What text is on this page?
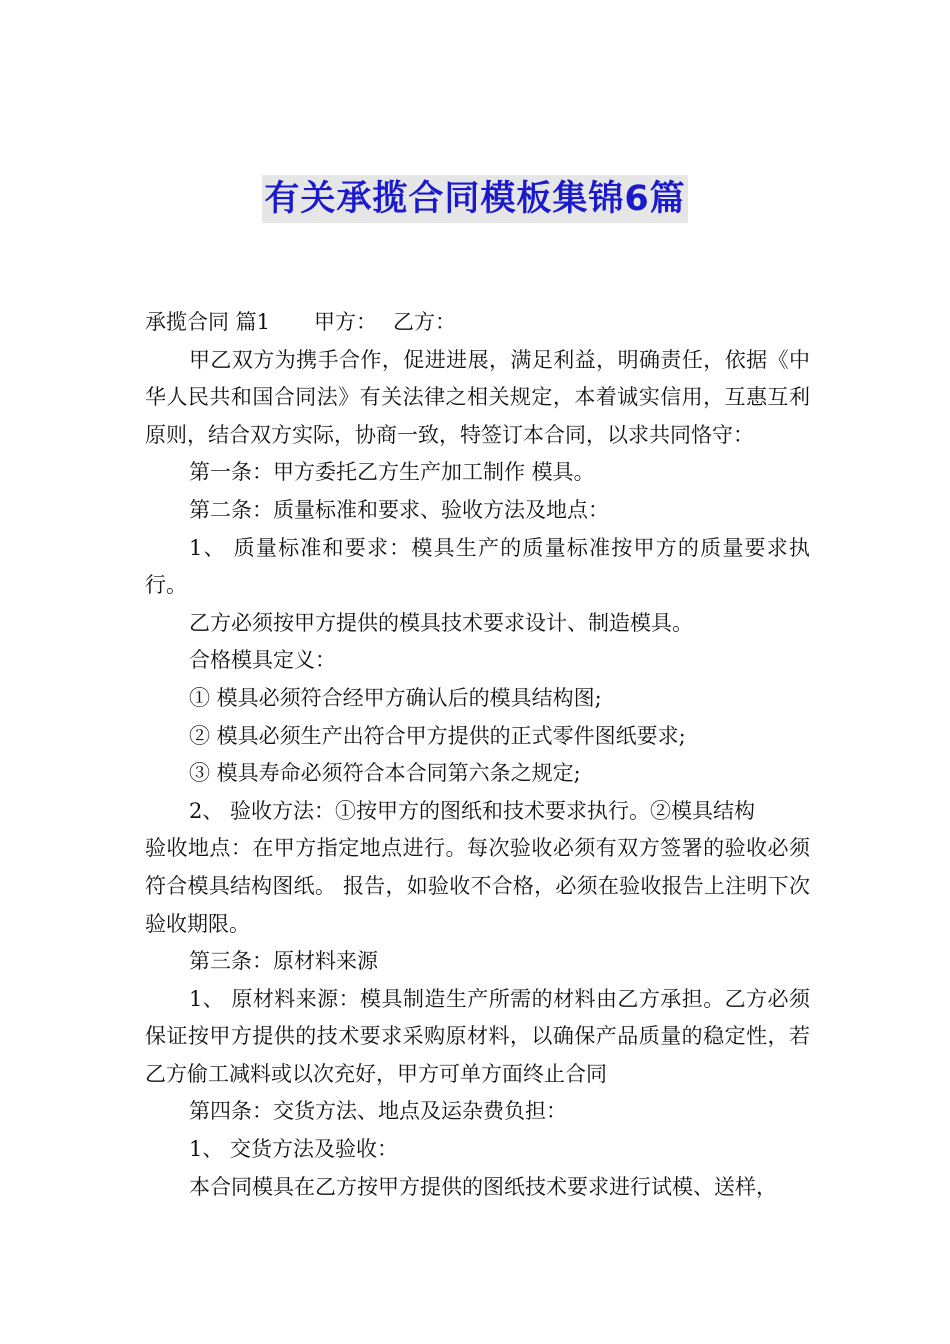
有关承揽合同模板集锦6篇

承揽合同 篇1 甲方： 乙方：

甲乙双方为携手合作，促进进展，满足利益，明确责任，依据《中华人民共和国合同法》有关法律之相关规定，本着诚实信用，互惠互利原则，结合双方实际，协商一致，特签订本合同，以求共同恪守：

第一条：甲方委托乙方生产加工制作 模具。

第二条：质量标准和要求、验收方法及地点：

1、 质量标准和要求：模具生产的质量标准按甲方的质量要求执行。

乙方必须按甲方提供的模具技术要求设计、制造模具。

合格模具定义：

① 模具必须符合经甲方确认后的模具结构图;

② 模具必须生产出符合甲方提供的正式零件图纸要求;

③ 模具寿命必须符合本合同第六条之规定;

2、 验收方法：①按甲方的图纸和技术要求执行。②模具结构

验收地点：在甲方指定地点进行。每次验收必须有双方签署的验收必须符合模具结构图纸。 报告，如验收不合格，必须在验收报告上注明下次验收期限。

第三条：原材料来源

1、 原材料来源：模具制造生产所需的材料由乙方承担。乙方必须保证按甲方提供的技术要求采购原材料，以确保产品质量的稳定性，若乙方偷工减料或以次充好，甲方可单方面终止合同

第四条：交货方法、地点及运杂费负担：

1、 交货方法及验收：

本合同模具在乙方按甲方提供的图纸技术要求进行试模、送样，
